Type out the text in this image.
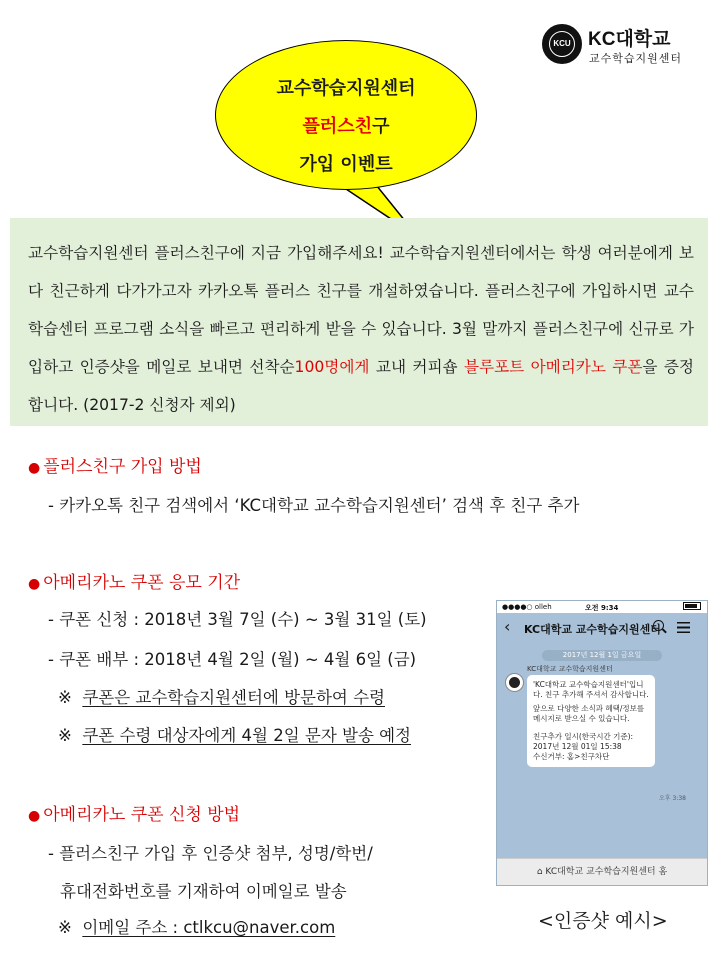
KCU KC대학교
교수학습지원센터
교수학습지원센터
플러스친구
가입 이벤트

교수학습지원센터 플러스친구에 지금 가입해주세요! 교수학습지원센터에서는 학생 여러분에게 보다 친근하게 다가가고자 카카오톡 플러스 친구를 개설하였습니다. 플러스친구에 가입하시면 교수학습센터 프로그램 소식을 빠르고 편리하게 받을 수 있습니다. 3월 말까지 플러스친구에 신규로 가입하고 인증샷을 메일로 보내면 선착순100명에게 교내 커피숍 블루포트 아메리카노 쿠폰을 증정합니다. (2017-2 신청자 제외)

● 플러스친구 가입 방법
- 카카오톡 친구 검색에서 ‘KC대학교 교수학습지원센터’ 검색 후 친구 추가
● 아메리카노 쿠폰 응모 기간
- 쿠폰 신청 : 2018년 3월 7일 (수) ~ 3월 31일 (토)
- 쿠폰 배부 : 2018년 4월 2일 (월) ~ 4월 6일 (금)
※ 쿠폰은 교수학습지원센터에 방문하여 수령
※ 쿠폰 수령 대상자에게 4월 2일 문자 발송 예정
● 아메리카노 쿠폰 신청 방법
- 플러스친구 가입 후 인증샷 첨부, 성명/학번/
휴대전화번호를 기재하여 이메일로 발송
※ 이메일 주소 : ctlkcu@naver.com
●●●●○ olleh	오전 9:34
‹ KC대학교 교수학습지원센터
2017년 12월 1일 금요일
KC대학교 교수학습지원센터

'KC대학교 교수학습지원센터'입니다. 친구 추가해 주셔서 감사합니다.

앞으로 다양한 소식과 혜택/정보를 메시지로 받으실 수 있습니다.

친구추가 일시(한국시간 기준):
2017년 12월 01일 15:38
수신거부: 홈>친구차단

오후 3:38
⌂ KC대학교 교수학습지원센터 홈
<인증샷 예시>
